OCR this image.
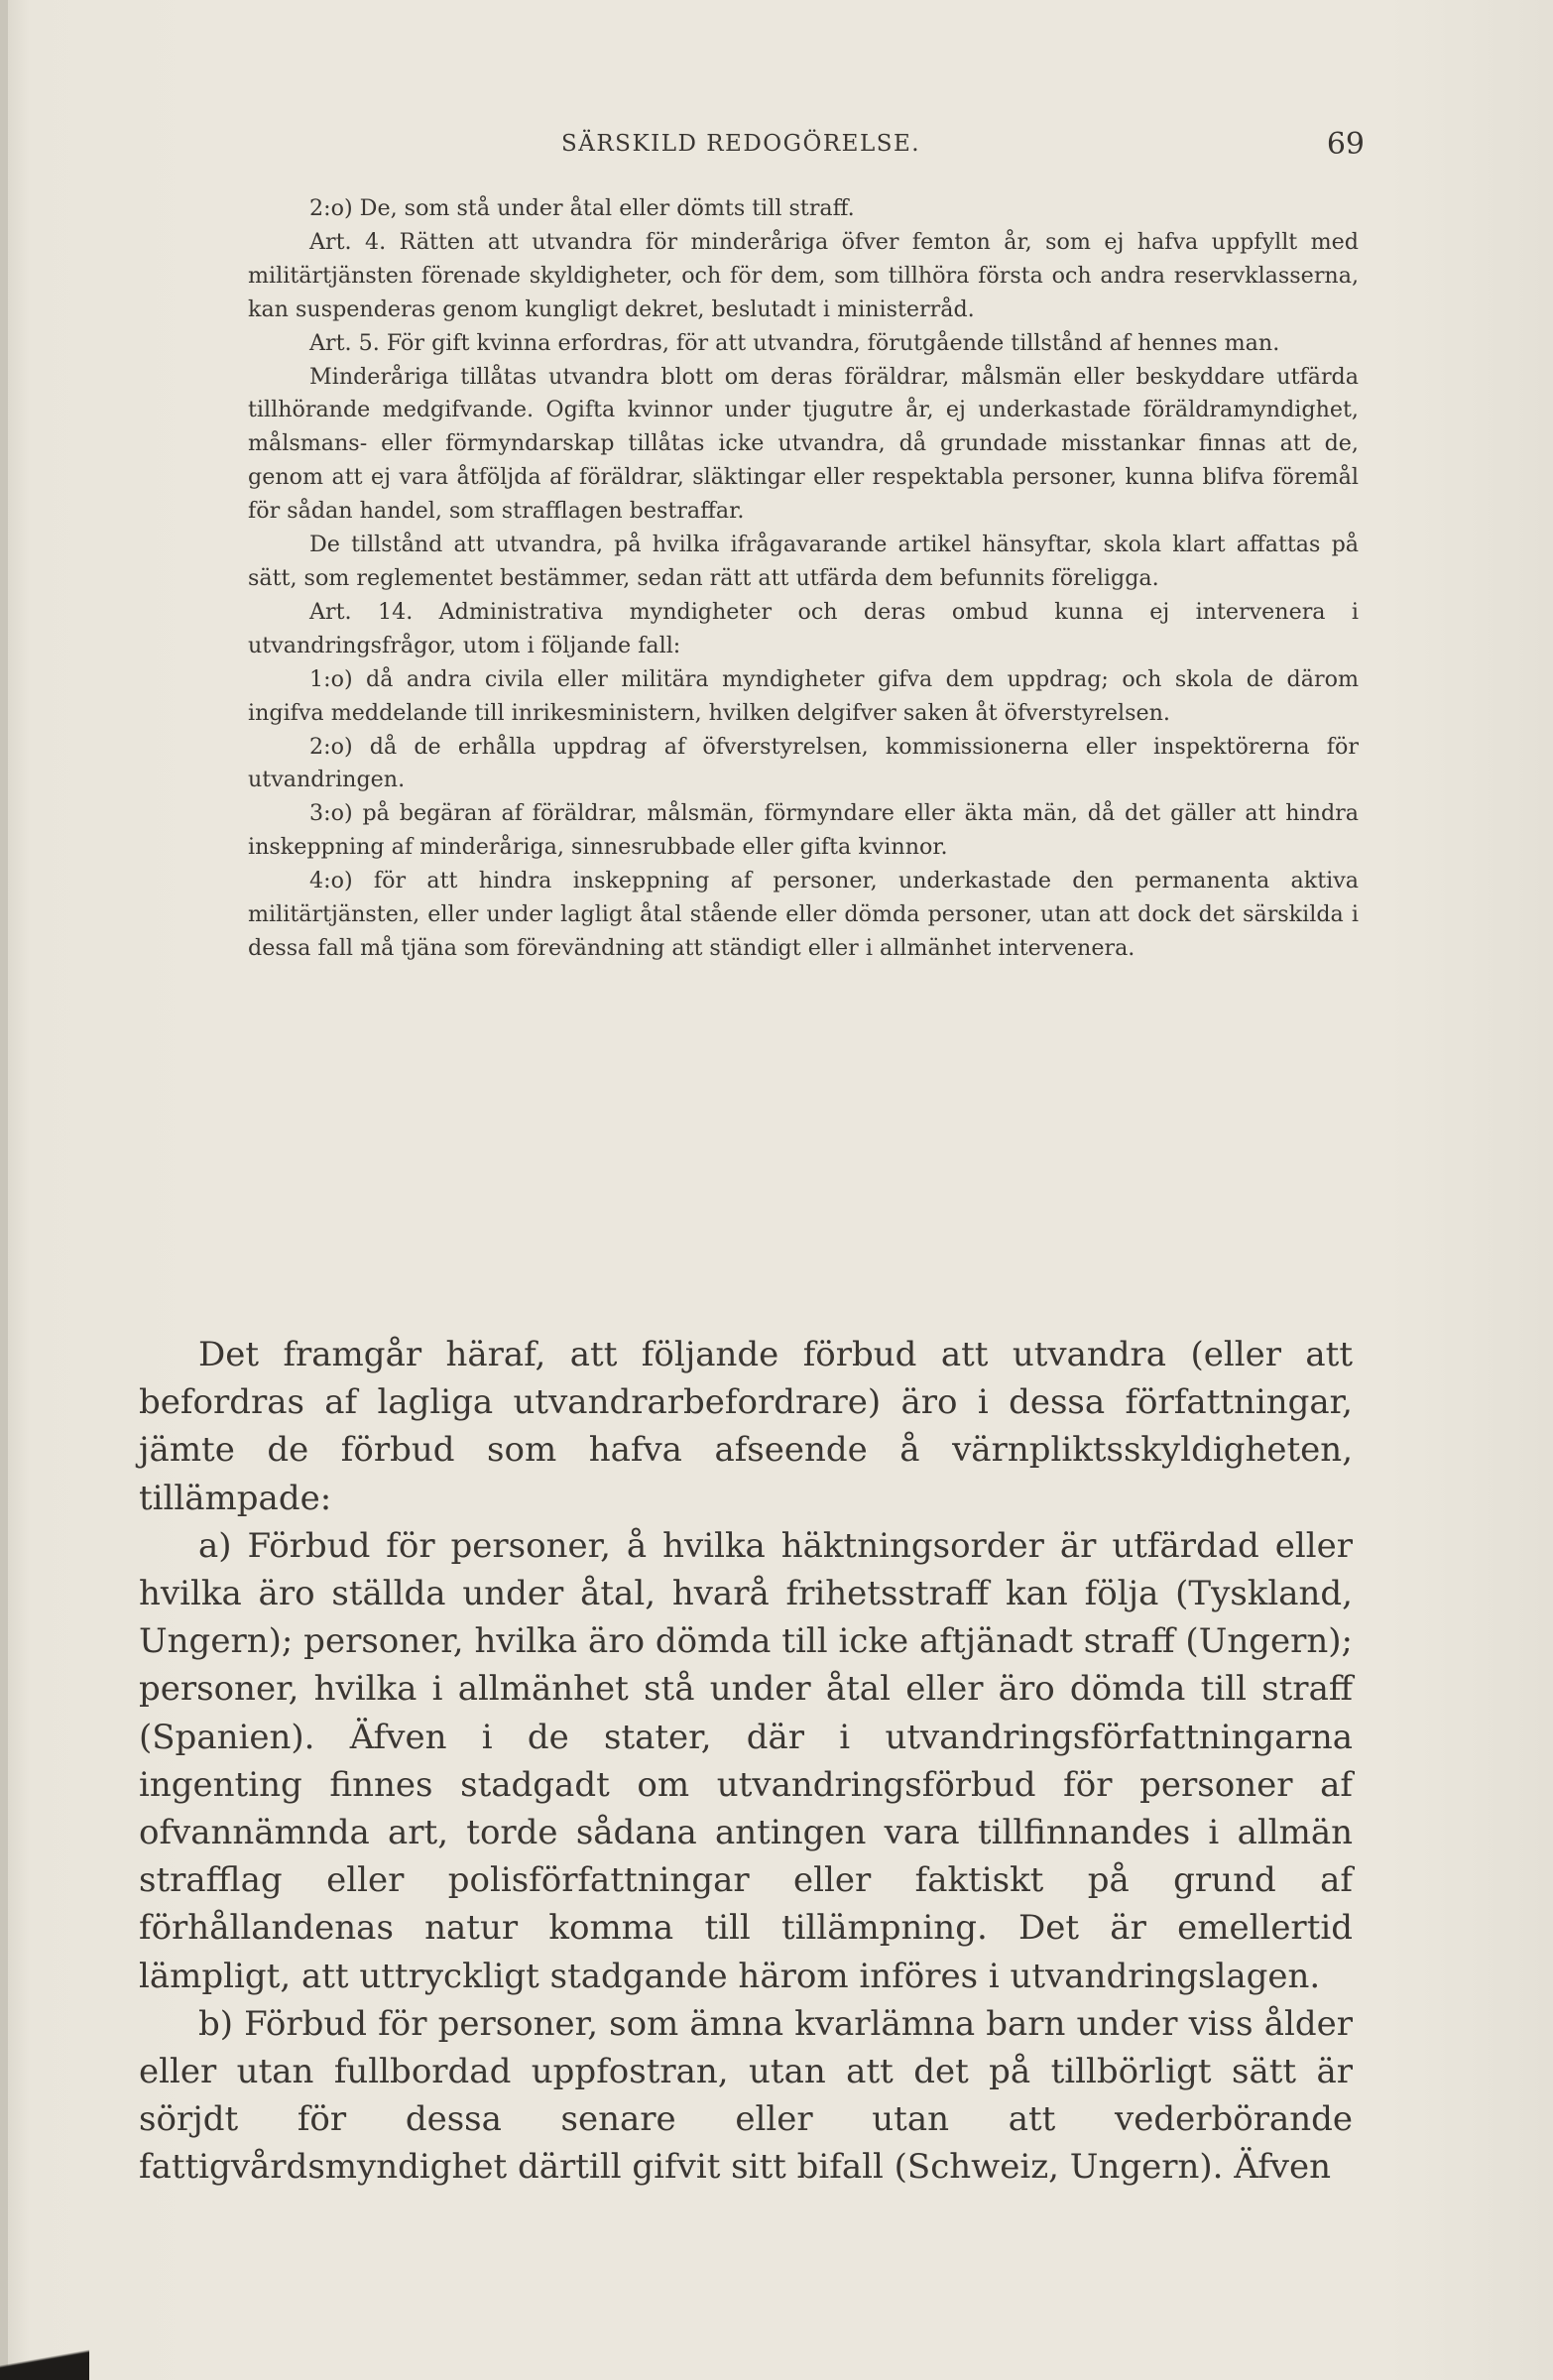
SÄRSKILD REDOGÖRELSE.	69

2:o) De, som stå under åtal eller dömts till straff.

Art. 4. Rätten att utvandra för minderåriga öfver femton år, som ej hafva uppfyllt med militärtjänsten förenade skyldigheter, och för dem, som tillhöra första och andra reservklasserna, kan suspenderas genom kungligt dekret, beslutadt i ministerråd.

Art. 5. För gift kvinna erfordras, för att utvandra, förutgående tillstånd af hennes man.

Minderåriga tillåtas utvandra blott om deras föräldrar, målsmän eller beskyddare utfärda tillhörande medgifvande. Ogifta kvinnor under tjugutre år, ej underkastade föräldramyndighet, målsmans- eller förmyndarskap tillåtas icke utvandra, då grundade misstankar finnas att de, genom att ej vara åtföljda af föräldrar, släktingar eller respektabla personer, kunna blifva föremål för sådan handel, som strafflagen bestraffar.

De tillstånd att utvandra, på hvilka ifrågavarande artikel hänsyftar, skola klart affattas på sätt, som reglementet bestämmer, sedan rätt att utfärda dem befunnits föreligga.

Art. 14. Administrativa myndigheter och deras ombud kunna ej intervenera i utvandringsfrågor, utom i följande fall:

1:o) då andra civila eller militära myndigheter gifva dem uppdrag; och skola de därom ingifva meddelande till inrikesministern, hvilken delgifver saken åt öfverstyrelsen.

2:o) då de erhålla uppdrag af öfverstyrelsen, kommissionerna eller inspektörerna för utvandringen.

3:o) på begäran af föräldrar, målsmän, förmyndare eller äkta män, då det gäller att hindra inskeppning af minderåriga, sinnesrubbade eller gifta kvinnor.

4:o) för att hindra inskeppning af personer, underkastade den permanenta aktiva militärtjänsten, eller under lagligt åtal stående eller dömda personer, utan att dock det särskilda i dessa fall må tjäna som förevändning att ständigt eller i allmänhet intervenera.

Det framgår häraf, att följande förbud att utvandra (eller att befordras af lagliga utvandrarbefordrare) äro i dessa författningar, jämte de förbud som hafva afseende å värnpliktsskyldigheten, tillämpade:

a) Förbud för personer, å hvilka häktningsorder är utfärdad eller hvilka äro ställda under åtal, hvarå frihetsstraff kan följa (Tyskland, Ungern); personer, hvilka äro dömda till icke aftjänadt straff (Ungern); personer, hvilka i allmänhet stå under åtal eller äro dömda till straff (Spanien). Äfven i de stater, där i utvandringsförfattningarna ingenting finnes stadgadt om utvandringsförbud för personer af ofvannämnda art, torde sådana antingen vara tillfinnandes i allmän strafflag eller polisförfattningar eller faktiskt på grund af förhållandenas natur komma till tillämpning. Det är emellertid lämpligt, att uttryckligt stadgande härom införes i utvandringslagen.

b) Förbud för personer, som ämna kvarlämna barn under viss ålder eller utan fullbordad uppfostran, utan att det på tillbörligt sätt är sörjdt för dessa senare eller utan att vederbörande fattigvårdsmyndighet därtill gifvit sitt bifall (Schweiz, Ungern). Äfven
